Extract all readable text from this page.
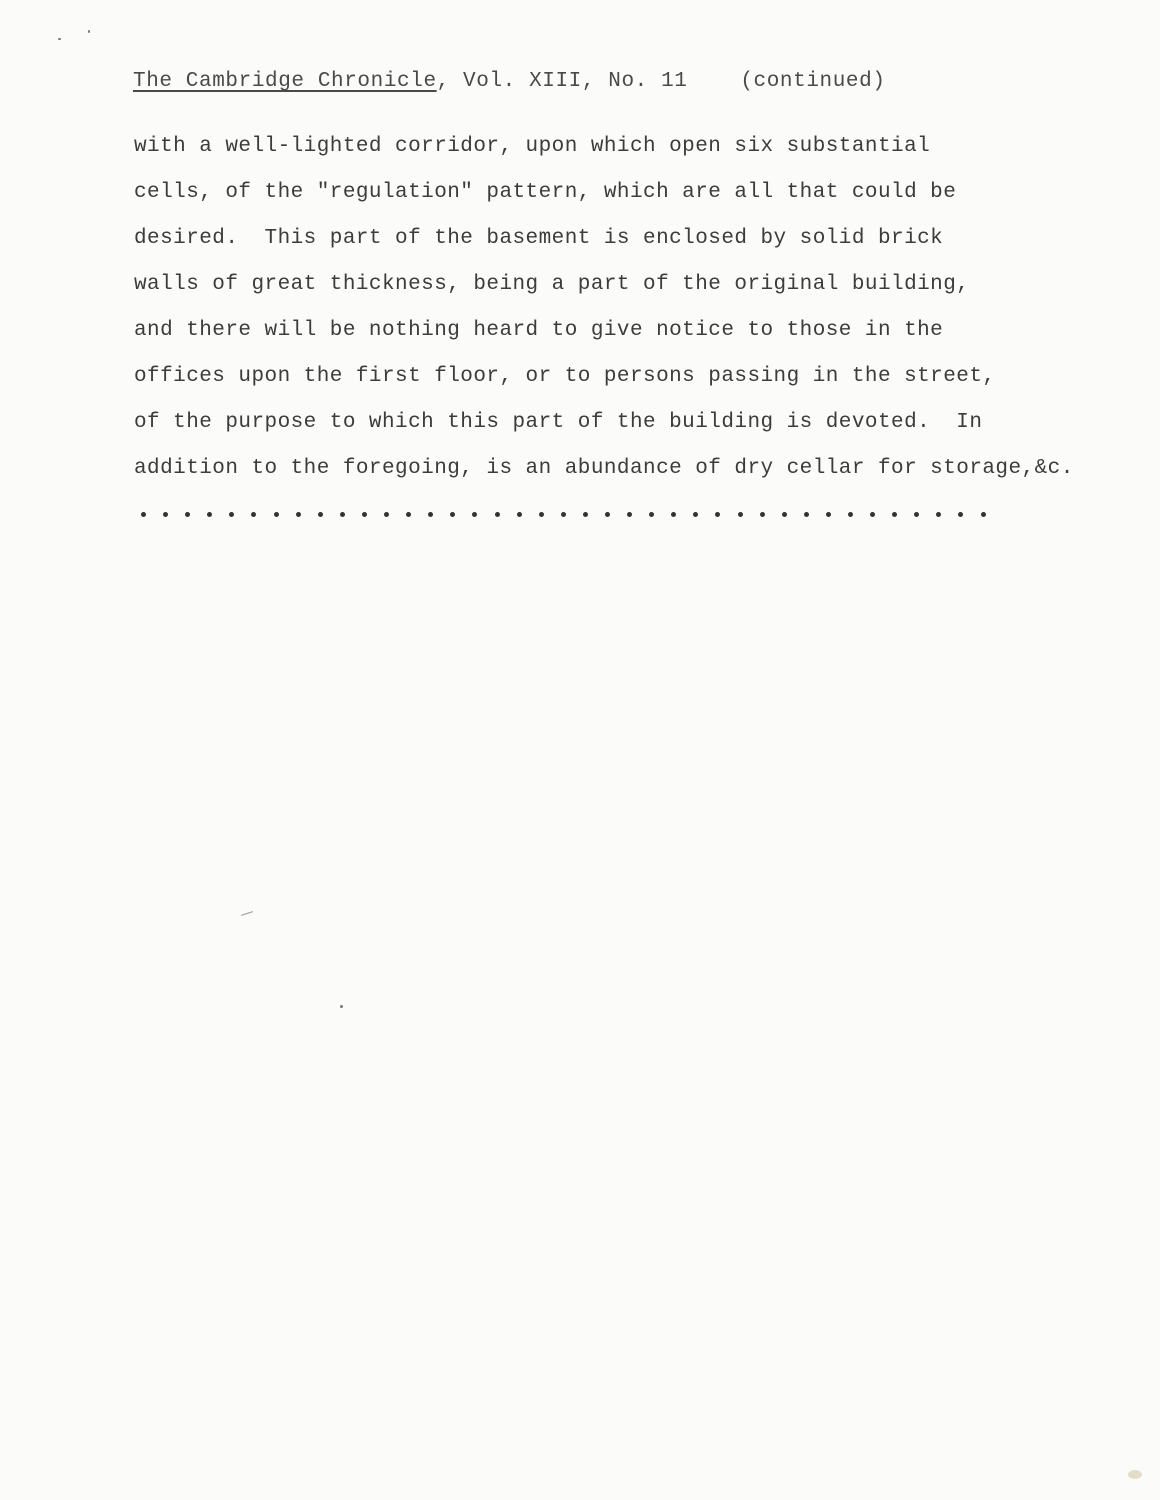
The Cambridge Chronicle, Vol. XIII, No. 11	(continued)
with a well-lighted corridor, upon which open six substantial
cells, of the "regulation" pattern, which are all that could be
desired.  This part of the basement is enclosed by solid brick
walls of great thickness, being a part of the original building,
and there will be nothing heard to give notice to those in the
offices upon the first floor, or to persons passing in the street,
of the purpose to which this part of the building is devoted.  In
addition to the foregoing, is an abundance of dry cellar for storage,&c.
